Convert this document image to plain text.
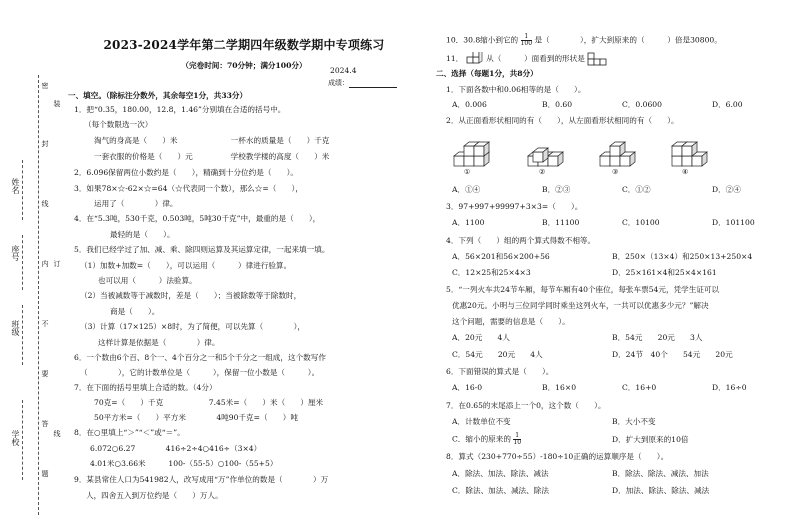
学校
班级
座号
姓名
密
封
线
内
不
要
答
题
装
订
线
2023-2024学年第二学期四年级数学期中专项练习
（完卷时间：70分钟；满分100分）
2024.4
成绩：
一、填空。（除标注分数外，其余每空1分，共33分）
1．把“0.35，180.00，12.8，1.46”分别填在合适的括号中。
（每个数限选一次）
淘气的身高是（　　）米　　　　　　　一杯水的质量是（　　）千克
一套衣服的价格是（　　）元　　　　　学校教学楼的高度（　　）米
2．6.096保留两位小数约是（　　），精确到十分位约是（　　）。
3．如果78×☆-62×☆=64（☆代表同一个数），那么☆=（　　），
运用了（　　　　）律。
4．在“5.3吨，530千克，0.503吨，5吨30千克”中，最重的是（　　），
最轻的是（　　）。
5．我们已经学过了加、减、乘、除四则运算及其运算定律，一起来填一填。
（1）加数+加数=（　　），可以运用（　　　）律进行验算。
也可以用（　　　）法验算。
（2）当被减数等于减数时，差是（　　）；当被除数等于除数时，
商是（　　）。
（3）计算（17×125）×8时，为了简便，可以先算（　　　　），
这样计算是依据是（　　　　）律。
6．一个数由6个百、8个一、4个百分之一和5个千分之一组成，这个数写作
（　　　　），它的计数单位是（　　　），保留一位小数是（　　　）。
7．在下面的括号里填上合适的数。（4分）
70克=（　　）千克　　　　　　7.45米=（　　）米（　　）厘米
50平方米=（　　）平方米　　　　4吨90千克=（　　）吨
8．在○里填上“＞”“＜”或“＝”。
6.072○6.27　　　　416÷2÷4○416÷（3×4）
4.01米○3.66米　　　100-（55-5）○100-（55+5）
9．某县常住人口为541982人，改写成用“万”作单位的数是（　　　　）万
人，四舍五入到万位约是（　　）万人。
10．30.8缩小到它的 $\frac{1}{100}$ 是（　　　　），扩大到原来的（　　　）倍是30800。
11．	从（　　　）面看到的形状是
二、选择（每题1分，共8分）
1．下面各数中和0.06相等的是（　　）。
A．0.006	B．0.60	C．0.0600	D．6.00
2．从正面看形状相同的有（　　），从左面看形状相同的有（　　）。
①	②	③	④
A．①④	B．②③	C．①②	D．②④
3．97+997+99997+3×3=（　　）。
A．1100	B．11100	C．10100	D．101100
4．下列（　　）组的两个算式得数不相等。
A．56×201和56×200+56	B．250×（13×4）和250×13+250×4
C．12×25和25×4×3	D．25×161×4和25×4×161
5．“一列火车共24节车厢，每节车厢有40个座位，每张车票54元，凭学生证可以
优惠20元。小明与三位同学同时乘坐这列火车，一共可以优惠多少元？”解决
这个问题，需要的信息是（　　）。
A．20元　　4人	B．54元　　20元　　3人
C．54元　　20元　　4人	D．24节　40个　　54元　　20元
6．下面错误的算式是（　　）。
A．16-0	B．16×0	C．16+0	D．16÷0
7．在0.65的末尾添上一个0，这个数（　　）。
A．计数单位不变	B．大小不变
C．缩小的原来的 $\frac{1}{10}$	D．扩大到原来的10倍
8．算式（230+770÷55）-180÷10正确的运算顺序是（　　）。
A．除法、加法、除法、减法	B．除法、除法、减法、加法
C．除法、加法、减法、除法	D．加法、除法、除法、减法
